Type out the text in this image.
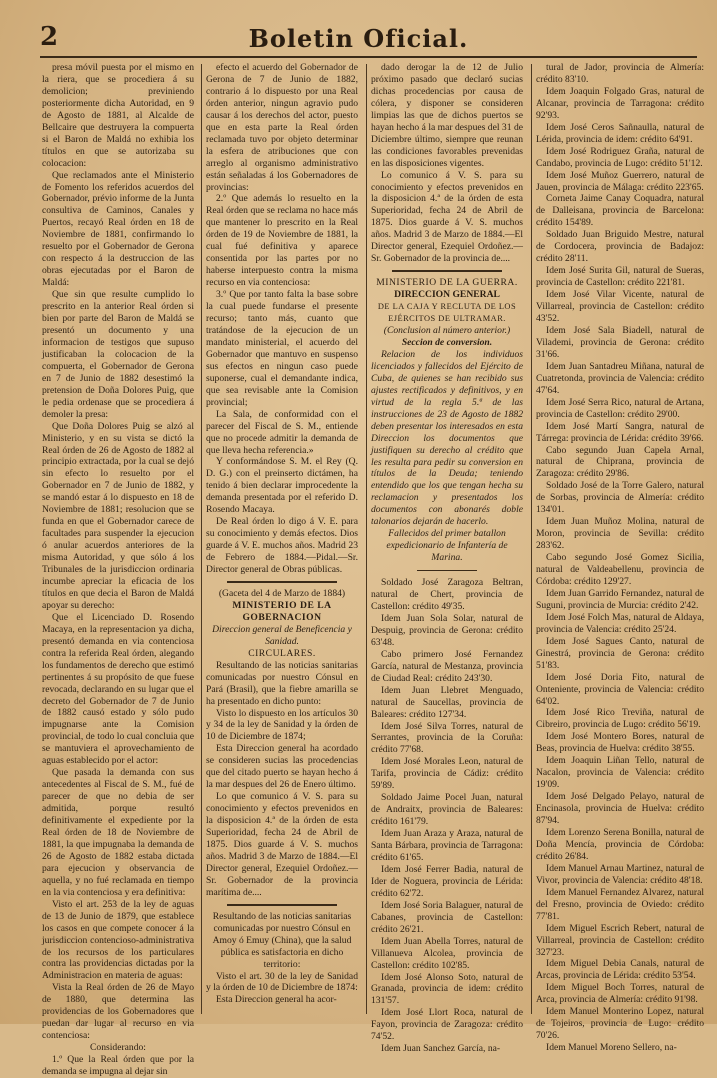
2	Boletin Oficial.

presa móvil puesta por el mismo en la riera, que se procediera á su demolicion; previniendo posteriormente dicha Autoridad, en 9 de Agosto de 1881, al Alcalde de Bellcaire que destruyera la compuerta si el Baron de Maldá no exhibia los títulos en que se autorizaba su colocacion:

Que reclamados ante el Ministerio de Fomento los referidos acuerdos del Gobernador, prévio informe de la Junta consultiva de Caminos, Canales y Puertos, recayó Real órden en 18 de Noviembre de 1881, confirmando lo resuelto por el Gobernador de Gerona con respecto á la destruccion de las obras ejecutadas por el Baron de Maldá:

Que sin que resulte cumplido lo prescrito en la anterior Real órden si bien por parte del Baron de Maldá se presentó un documento y una informacion de testigos que supuso justificaban la colocacion de la compuerta, el Gobernador de Gerona en 7 de Junio de 1882 desestimó la pretension de Doña Dolores Puig, que le pedia ordenase que se procediera á demoler la presa:

Que Doña Dolores Puig se alzó al Ministerio, y en su vista se dictó la Real órden de 26 de Agosto de 1882 al principio extractada, por la cual se dejó sin efecto lo resuelto por el Gobernador en 7 de Junio de 1882, y se mandó estar á lo dispuesto en 18 de Noviembre de 1881; resolucion que se funda en que el Gobernador carece de facultades para suspender la ejecucion ó anular acuerdos anteriores de la misma Autoridad, y que sólo á los Tribunales de la jurisdiccion ordinaria incumbe apreciar la eficacia de los títulos en que decia el Baron de Maldá apoyar su derecho:

Que el Licenciado D. Rosendo Macaya, en la representacion ya dicha, presentó demanda en via contenciosa contra la referida Real órden, alegando los fundamentos de derecho que estimó pertinentes á su propósito de que fuese revocada, declarando en su lugar que el decreto del Gobernador de 7 de Junio de 1882 causó estado y sólo pudo impugnarse ante la Comision provincial, de todo lo cual concluia que se mantuviera el aprovechamiento de aguas establecido por el actor:

Que pasada la demanda con sus antecedentes al Fiscal de S. M., fué de parecer de que no debia de ser admitida, porque resultó definitivamente el expediente por la Real órden de 18 de Noviembre de 1881, la que impugnaba la demanda de 26 de Agosto de 1882 estaba dictada para ejecucion y observancia de aquella, y no fué reclamada en tiempo en la via contenciosa y era definitiva:

Visto el art. 253 de la ley de aguas de 13 de Junio de 1879, que establece los casos en que compete conocer á la jurisdiccion contencioso-administrativa de los recursos de los particulares contra las providencias dictadas por la Administracion en materia de aguas:

Vista la Real órden de 26 de Mayo de 1880, que determina las providencias de los Gobernadores que puedan dar lugar al recurso en via contenciosa:

Considerando:

1.º Que la Real órden que por la demanda se impugna al dejar sin

efecto el acuerdo del Gobernador de Gerona de 7 de Junio de 1882, contrario á lo dispuesto por una Real órden anterior, ningun agravio pudo causar á los derechos del actor, puesto que en esta parte la Real órden reclamada tuvo por objeto determinar la esfera de atribuciones que con arreglo al organismo administrativo están señaladas á los Gobernadores de provincias:

2.º Que además lo resuelto en la Real órden que se reclama no hace más que mantener lo prescrito en la Real órden de 19 de Noviembre de 1881, la cual fué definitiva y aparece consentida por las partes por no haberse interpuesto contra la misma recurso en via contenciosa:

3.º Que por tanto falta la base sobre la cual puede fundarse el presente recurso; tanto más, cuanto que tratándose de la ejecucion de un mandato ministerial, el acuerdo del Gobernador que mantuvo en suspenso sus efectos en ningun caso puede suponerse, cual el demandante indica, que sea revisable ante la Comision provincial;

La Sala, de conformidad con el parecer del Fiscal de S. M., entiende que no procede admitir la demanda de que lleva hecha referencia.»

Y conformándose S. M. el Rey (Q. D. G.) con el preinserto dictámen, ha tenido á bien declarar improcedente la demanda presentada por el referido D. Rosendo Macaya.

De Real órden lo digo á V. E. para su conocimiento y demás efectos. Dios guarde á V. E. muchos años. Madrid 23 de Febrero de 1884.—Pidal.—Sr. Director general de Obras públicas.

(Gaceta del 4 de Marzo de 1884)

MINISTERIO DE LA GOBERNACION

Direccion general de Beneficencia y Sanidad.

CIRCULARES.

Resultando de las noticias sanitarias comunicadas por nuestro Cónsul en Pará (Brasil), que la fiebre amarilla se ha presentado en dicho punto:

Visto lo dispuesto en los artículos 30 y 34 de la ley de Sanidad y la órden de 10 de Diciembre de 1874;

Esta Direccion general ha acordado se consideren sucias las procedencias que del citado puerto se hayan hecho á la mar despues del 26 de Enero último.

Lo que comunico á V. S. para su conocimiento y efectos prevenidos en la disposicion 4.ª de la órden de esta Superioridad, fecha 24 de Abril de 1875. Dios guarde á V. S. muchos años. Madrid 3 de Marzo de 1884.—El Director general, Ezequiel Ordoñez.—Sr. Gobernador de la provincia marítima de....

Resultando de las noticias sanitarias comunicadas por nuestro Cónsul en Amoy ó Emuy (China), que la salud pública es satisfactoria en dicho territorio:

Visto el art. 30 de la ley de Sanidad y la órden de 10 de Diciembre de 1874:

Esta Direccion general ha acor-

dado derogar la de 12 de Julio próximo pasado que declaró sucias dichas procedencias por causa de cólera, y disponer se consideren limpias las que de dichos puertos se hayan hecho á la mar despues del 31 de Diciembre último, siempre que reunan las condiciones favorables prevenidas en las disposiciones vigentes.

Lo comunico á V. S. para su conocimiento y efectos prevenidos en la disposicion 4.ª de la órden de esta Superioridad, fecha 24 de Abril de 1875. Dios guarde á V. S. muchos años. Madrid 3 de Marzo de 1884.—El Director general, Ezequiel Ordoñez.—Sr. Gobernador de la provincia de....

MINISTERIO DE LA GUERRA.

DIRECCION GENERAL

DE LA CAJA Y RECLUTA DE LOS EJÉRCITOS DE ULTRAMAR.

(Conclusion al número anterior.)

Seccion de conversion.

Relacion de los individuos licenciados y fallecidos del Ejército de Cuba, de quienes se han recibido sus ajustes rectificados y definitivos, y en virtud de la regla 5.ª de las instrucciones de 23 de Agosto de 1882 deben presentar los interesados en esta Direccion los documentos que justifiquen su derecho al crédito que les resulta para pedir su conversion en títulos de la Deuda; teniendo entendido que los que tengan hecha su reclamacion y presentados los documentos con abonarés doble talonarios dejarán de hacerlo.

Fallecidos del primer batallon expedicionario de Infantería de Marina.

Soldado José Zaragoza Beltran, natural de Chert, provincia de Castellon: crédito 49'35.

Idem Juan Sola Solar, natural de Despuig, provincia de Gerona: crédito 63'48.

Cabo primero José Fernandez García, natural de Mestanza, provincia de Ciudad Real: crédito 243'30.

Idem Juan Llebret Menguado, natural de Saucellas, provincia de Baleares: crédito 127'34.

Idem José Silva Torres, natural de Serrantes, provincia de la Coruña: crédito 77'68.

Idem José Morales Leon, natural de Tarifa, provincia de Cádiz: crédito 59'89.

Soldado Jaime Pocel Juan, natural de Andraitx, provincia de Baleares: crédito 161'79.

Idem Juan Araza y Araza, natural de Santa Bárbara, provincia de Tarragona: crédito 61'65.

Idem José Ferrer Badia, natural de Ider de Noguera, provincia de Lérida: crédito 62'72.

Idem José Soria Balaguer, natural de Cabanes, provincia de Castellon: crédito 26'21.

Idem Juan Abella Torres, natural de Villanueva Alcolea, provincia de Castellon: crédito 102'85.

Idem José Alonso Soto, natural de Granada, provincia de idem: crédito 131'57.

Idem José Llort Roca, natural de Fayon, provincia de Zaragoza: crédito 74'52.

Idem Juan Sanchez García, na-

tural de Jador, provincia de Almería: crédito 83'10.

Idem Joaquin Folgado Gras, natural de Alcanar, provincia de Tarragona: crédito 92'93.

Idem José Ceros Sañnaulla, natural de Lérida, provincia de idem: crédito 64'91.

Idem José Rodriguez Graña, natural de Candabo, provincia de Lugo: crédito 51'12.

Idem José Muñoz Guerrero, natural de Jauen, provincia de Málaga: crédito 223'65.

Corneta Jaime Canay Coquadra, natural de Dalleisana, provincia de Barcelona: crédito 154'89.

Soldado Juan Briguido Mestre, natural de Cordocera, provincia de Badajoz: crédito 28'11.

Idem José Surita Gil, natural de Sueras, provincia de Castellon: crédito 221'81.

Idem José Vilar Vicente, natural de Villarreal, provincia de Castellon: crédito 43'52.

Idem José Sala Biadell, natural de Vilademi, provincia de Gerona: crédito 31'66.

Idem Juan Santadreu Miñana, natural de Cuatretonda, provincia de Valencia: crédito 47'64.

Idem José Serra Rico, natural de Artana, provincia de Castellon: crédito 29'00.

Idem José Martí Sangra, natural de Tárrega: provincia de Lérida: crédito 39'66.

Cabo segundo Juan Capela Arnal, natural de Chiprana, provincia de Zaragoza: crédito 29'86.

Soldado José de la Torre Galero, natural de Sorbas, provincia de Almería: crédito 134'01.

Idem Juan Muñoz Molina, natural de Moron, provincia de Sevilla: crédito 283'62.

Cabo segundo José Gomez Sicilia, natural de Valdeabellenu, provincia de Córdoba: crédito 129'27.

Idem Juan Garrido Fernandez, natural de Suguni, provincia de Murcia: crédito 2'42.

Idem José Folch Mas, natural de Aldaya, provincia de Valencia: crédito 25'24.

Idem José Sagues Canto, natural de Ginestrá, provincia de Gerona: crédito 51'83.

Idem José Doria Fito, natural de Onteniente, provincia de Valencia: crédito 64'02.

Idem José Rico Treviña, natural de Cibreiro, provincia de Lugo: crédito 56'19.

Idem José Montero Bores, natural de Beas, provincia de Huelva: crédito 38'55.

Idem Joaquin Liñan Tello, natural de Nacalon, provincia de Valencia: crédito 19'09.

Idem José Delgado Pelayo, natural de Encinasola, provincia de Huelva: crédito 87'94.

Idem Lorenzo Serena Bonilla, natural de Doña Mencía, provincia de Córdoba: crédito 26'84.

Idem Manuel Arnau Martinez, natural de Vivor, provincia de Valencia: crédito 48'18.

Idem Manuel Fernandez Alvarez, natural del Fresno, provincia de Oviedo: crédito 77'81.

Idem Miguel Escrich Rebert, natural de Villarreal, provincia de Castellon: crédito 327'23.

Idem Miguel Debia Canals, natural de Arcas, provincia de Lérida: crédito 53'54.

Idem Miguel Boch Torres, natural de Arca, provincia de Almería: crédito 91'98.

Idem Manuel Monterino Lopez, natural de Tojeiros, provincia de Lugo: crédito 70'26.

Idem Manuel Moreno Sellero, na-
